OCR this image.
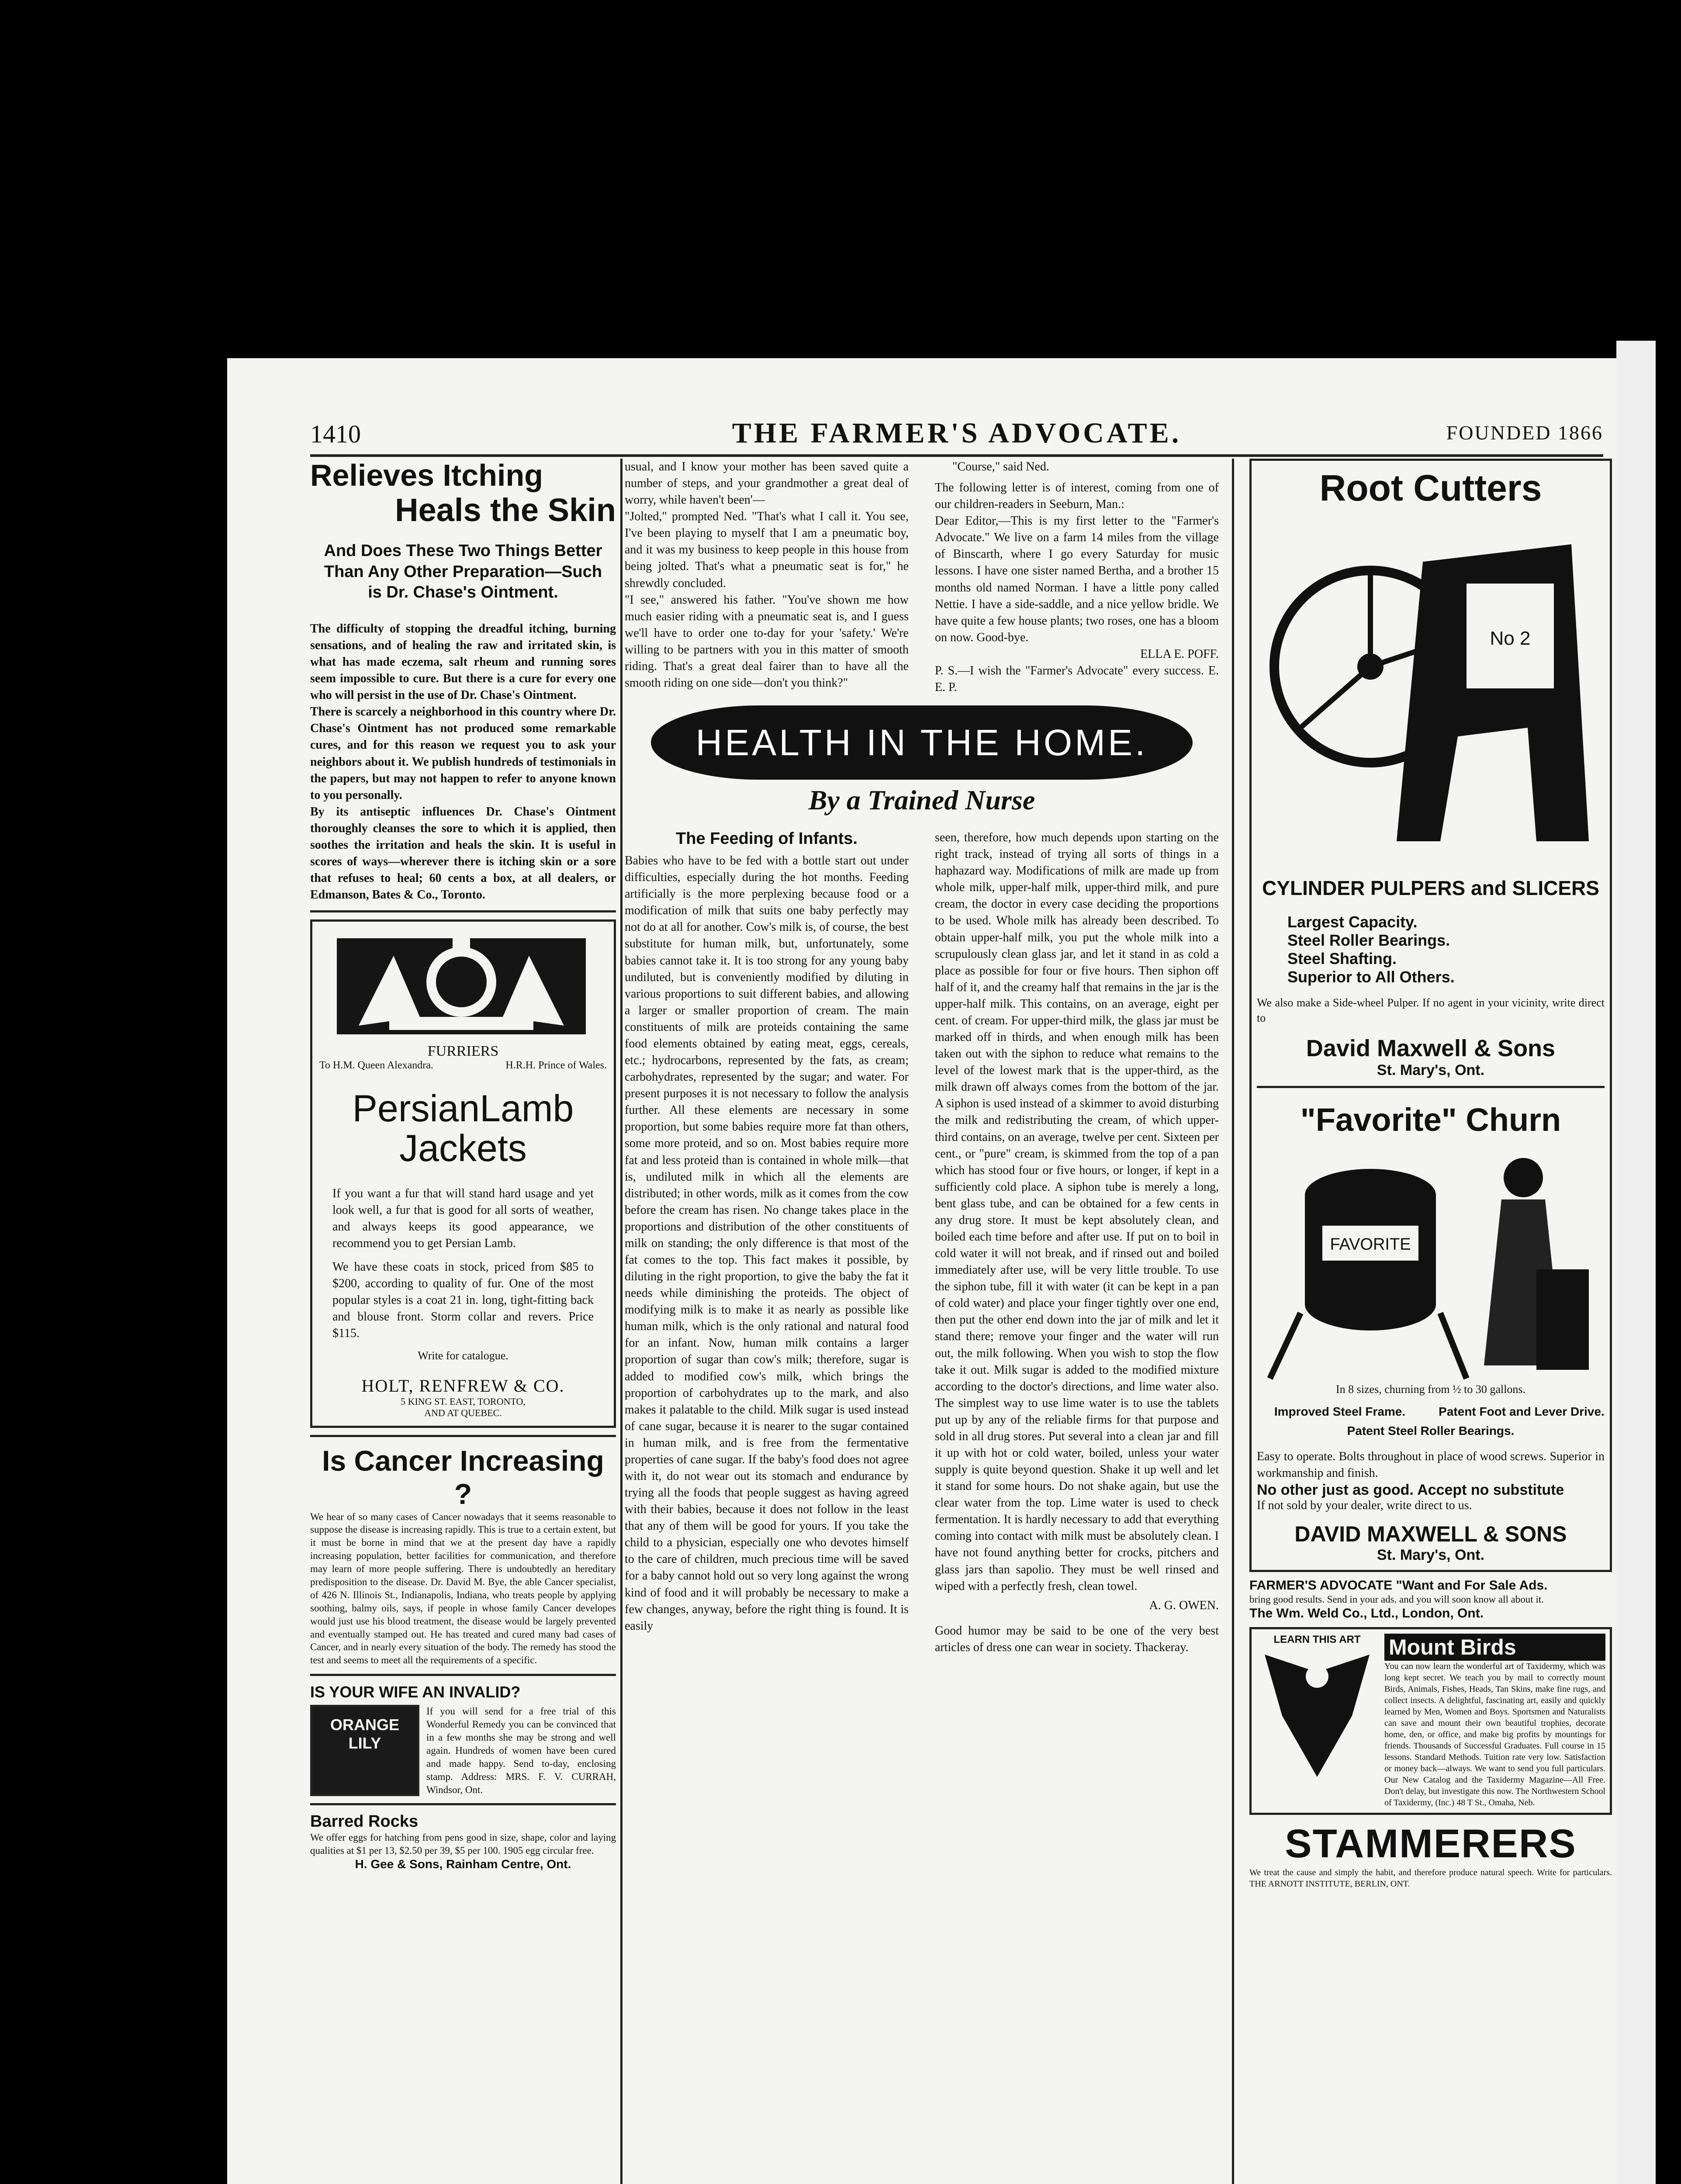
1410	THE FARMER'S ADVOCATE.	FOUNDED 1866
Relieves Itching
Heals the Skin
And Does These Two Things Better Than Any Other Preparation—Such is Dr. Chase's Ointment.

The difficulty of stopping the dreadful itching, burning sensations, and of healing the raw and irritated skin, is what has made eczema, salt rheum and running sores seem impossible to cure. But there is a cure for every one who will persist in the use of Dr. Chase's Ointment.

There is scarcely a neighborhood in this country where Dr. Chase's Ointment has not produced some remarkable cures, and for this reason we request you to ask your neighbors about it. We publish hundreds of testimonials in the papers, but may not happen to refer to anyone known to you personally.

By its antiseptic influences Dr. Chase's Ointment thoroughly cleanses the sore to which it is applied, then soothes the irritation and heals the skin. It is useful in scores of ways—wherever there is itching skin or a sore that refuses to heal; 60 cents a box, at all dealers, or Edmanson, Bates & Co., Toronto.

FURRIERS
To H.M. Queen Alexandra.	H.R.H. Prince of Wales.
PersianLamb
Jackets

If you want a fur that will stand hard usage and yet look well, a fur that is good for all sorts of weather, and always keeps its good appearance, we recommend you to get Persian Lamb.

We have these coats in stock, priced from $85 to $200, according to quality of fur. One of the most popular styles is a coat 21 in. long, tight-fitting back and blouse front. Storm collar and revers. Price $115.

Write for catalogue.
HOLT, RENFREW & CO.
5 KING ST. EAST, TORONTO,
AND AT QUEBEC.
Is Cancer Increasing ?

We hear of so many cases of Cancer nowadays that it seems reasonable to suppose the disease is increasing rapidly. This is true to a certain extent, but it must be borne in mind that we at the present day have a rapidly increasing population, better facilities for communication, and therefore may learn of more people suffering. There is undoubtedly an hereditary predisposition to the disease. Dr. David M. Bye, the able Cancer specialist, of 426 N. Illinois St., Indianapolis, Indiana, who treats people by applying soothing, balmy oils, says, if people in whose family Cancer developes would just use his blood treatment, the disease would be largely prevented and eventually stamped out. He has treated and cured many bad cases of Cancer, and in nearly every situation of the body. The remedy has stood the test and seems to meet all the requirements of a specific.

IS YOUR WIFE AN INVALID?
ORANGE LILY

If you will send for a free trial of this Wonderful Remedy you can be convinced that in a few months she may be strong and well again. Hundreds of women have been cured and made happy. Send to-day, enclosing stamp. Address: MRS. F. V. CURRAH, Windsor, Ont.

Barred Rocks

We offer eggs for hatching from pens good in size, shape, color and laying qualities at $1 per 13, $2.50 per 39, $5 per 100. 1905 egg circular free.

H. Gee & Sons, Rainham Centre, Ont.

usual, and I know your mother has been saved quite a number of steps, and your grandmother a great deal of worry, while haven't been'—

"Jolted," prompted Ned. "That's what I call it. You see, I've been playing to myself that I am a pneumatic boy, and it was my business to keep people in this house from being jolted. That's what a pneumatic seat is for," he shrewdly concluded.

"I see," answered his father. "You've shown me how much easier riding with a pneumatic seat is, and I guess we'll have to order one to-day for your 'safety.' We're willing to be partners with you in this matter of smooth riding. That's a great deal fairer than to have all the smooth riding on one side—don't you think?"

"Course," said Ned.

The following letter is of interest, coming from one of our children-readers in Seeburn, Man.:

Dear Editor,—This is my first letter to the "Farmer's Advocate." We live on a farm 14 miles from the village of Binscarth, where I go every Saturday for music lessons. I have one sister named Bertha, and a brother 15 months old named Norman. I have a little pony called Nettie. I have a side-saddle, and a nice yellow bridle. We have quite a few house plants; two roses, one has a bloom on now. Good-bye.

ELLA E. POFF.

P. S.—I wish the "Farmer's Advocate" every success. E. E. P.

HEALTH IN THE HOME.
By a Trained Nurse
The Feeding of Infants.

Babies who have to be fed with a bottle start out under difficulties, especially during the hot months. Feeding artificially is the more perplexing because food or a modification of milk that suits one baby perfectly may not do at all for another. Cow's milk is, of course, the best substitute for human milk, but, unfortunately, some babies cannot take it. It is too strong for any young baby undiluted, but is conveniently modified by diluting in various proportions to suit different babies, and allowing a larger or smaller proportion of cream. The main constituents of milk are proteids containing the same food elements obtained by eating meat, eggs, cereals, etc.; hydrocarbons, represented by the fats, as cream; carbohydrates, represented by the sugar; and water. For present purposes it is not necessary to follow the analysis further. All these elements are necessary in some proportion, but some babies require more fat than others, some more proteid, and so on. Most babies require more fat and less proteid than is contained in whole milk—that is, undiluted milk in which all the elements are distributed; in other words, milk as it comes from the cow before the cream has risen. No change takes place in the proportions and distribution of the other constituents of milk on standing; the only difference is that most of the fat comes to the top. This fact makes it possible, by diluting in the right proportion, to give the baby the fat it needs while diminishing the proteids. The object of modifying milk is to make it as nearly as possible like human milk, which is the only rational and natural food for an infant. Now, human milk contains a larger proportion of sugar than cow's milk; therefore, sugar is added to modified cow's milk, which brings the proportion of carbohydrates up to the mark, and also makes it palatable to the child. Milk sugar is used instead of cane sugar, because it is nearer to the sugar contained in human milk, and is free from the fermentative properties of cane sugar. If the baby's food does not agree with it, do not wear out its stomach and endurance by trying all the foods that people suggest as having agreed with their babies, because it does not follow in the least that any of them will be good for yours. If you take the child to a physician, especially one who devotes himself to the care of children, much precious time will be saved for a baby cannot hold out so very long against the wrong kind of food and it will probably be necessary to make a few changes, anyway, before the right thing is found. It is easily

seen, therefore, how much depends upon starting on the right track, instead of trying all sorts of things in a haphazard way. Modifications of milk are made up from whole milk, upper-half milk, upper-third milk, and pure cream, the doctor in every case deciding the proportions to be used. Whole milk has already been described. To obtain upper-half milk, you put the whole milk into a scrupulously clean glass jar, and let it stand in as cold a place as possible for four or five hours. Then siphon off half of it, and the creamy half that remains in the jar is the upper-half milk. This contains, on an average, eight per cent. of cream. For upper-third milk, the glass jar must be marked off in thirds, and when enough milk has been taken out with the siphon to reduce what remains to the level of the lowest mark that is the upper-third, as the milk drawn off always comes from the bottom of the jar. A siphon is used instead of a skimmer to avoid disturbing the milk and redistributing the cream, of which upper-third contains, on an average, twelve per cent. Sixteen per cent., or "pure" cream, is skimmed from the top of a pan which has stood four or five hours, or longer, if kept in a sufficiently cold place. A siphon tube is merely a long, bent glass tube, and can be obtained for a few cents in any drug store. It must be kept absolutely clean, and boiled each time before and after use. If put on to boil in cold water it will not break, and if rinsed out and boiled immediately after use, will be very little trouble. To use the siphon tube, fill it with water (it can be kept in a pan of cold water) and place your finger tightly over one end, then put the other end down into the jar of milk and let it stand there; remove your finger and the water will run out, the milk following. When you wish to stop the flow take it out. Milk sugar is added to the modified mixture according to the doctor's directions, and lime water also. The simplest way to use lime water is to use the tablets put up by any of the reliable firms for that purpose and sold in all drug stores. Put several into a clean jar and fill it up with hot or cold water, boiled, unless your water supply is quite beyond question. Shake it up well and let it stand for some hours. Do not shake again, but use the clear water from the top. Lime water is used to check fermentation. It is hardly necessary to add that everything coming into contact with milk must be absolutely clean. I have not found anything better for crocks, pitchers and glass jars than sapolio. They must be well rinsed and wiped with a perfectly fresh, clean towel.

A. G. OWEN.

Good humor may be said to be one of the very best articles of dress one can wear in society. Thackeray.

Root Cutters
No 2
CYLINDER PULPERS and SLICERS
Largest Capacity.
Steel Roller Bearings.
Steel Shafting.
Superior to All Others.

We also make a Side-wheel Pulper. If no agent in your vicinity, write direct to

David Maxwell & Sons
St. Mary's, Ont.
"Favorite" Churn
FAVORITE
In 8 sizes, churning from ½ to 30 gallons.
Improved Steel Frame.	Patent Foot and Lever Drive.
Patent Steel Roller Bearings.

Easy to operate. Bolts throughout in place of wood screws. Superior in workmanship and finish.

No other just as good. Accept no substitute
If not sold by your dealer, write direct to us.
DAVID MAXWELL & SONS
St. Mary's, Ont.
FARMER'S ADVOCATE "Want and For Sale Ads.

bring good results. Send in your ads. and you will soon know all about it.

The Wm. Weld Co., Ltd., London, Ont.
LEARN THIS ART	Mount Birds

You can now learn the wonderful art of Taxidermy, which was long kept secret. We teach you by mail to correctly mount Birds, Animals, Fishes, Heads, Tan Skins, make fine rugs, and collect insects. A delightful, fascinating art, easily and quickly learned by Men, Women and Boys. Sportsmen and Naturalists can save and mount their own beautiful trophies, decorate home, den, or office, and make big profits by mountings for friends. Thousands of Successful Graduates. Full course in 15 lessons. Standard Methods. Tuition rate very low. Satisfaction or money back—always. We want to send you full particulars. Our New Catalog and the Taxidermy Magazine—All Free. Don't delay, but investigate this now. The Northwestern School of Taxidermy, (Inc.) 48 T St., Omaha, Neb.

STAMMERERS

We treat the cause and simply the habit, and therefore produce natural speech. Write for particulars. THE ARNOTT INSTITUTE, BERLIN, ONT.
